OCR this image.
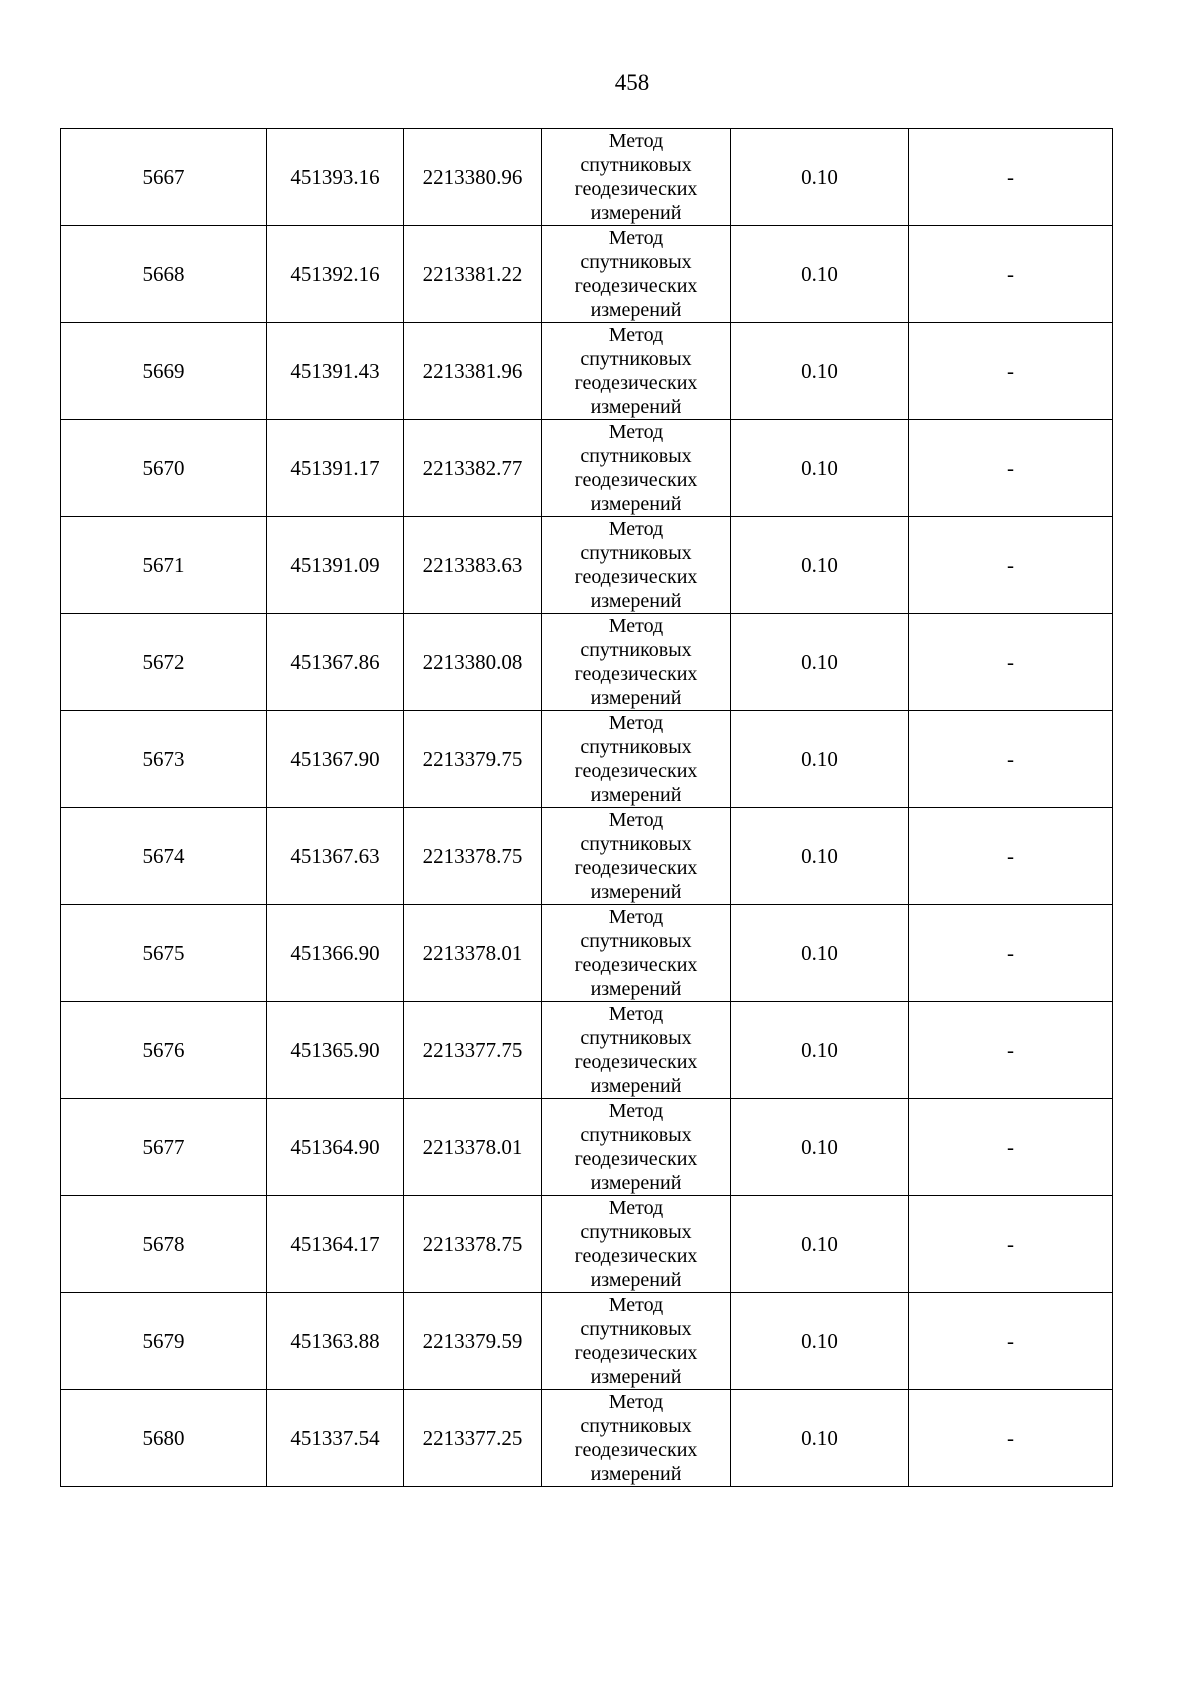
458
5667	451393.16	2213380.96	Метод
спутниковых
геодезических
измерений	0.10	-
5668	451392.16	2213381.22	Метод
спутниковых
геодезических
измерений	0.10	-
5669	451391.43	2213381.96	Метод
спутниковых
геодезических
измерений	0.10	-
5670	451391.17	2213382.77	Метод
спутниковых
геодезических
измерений	0.10	-
5671	451391.09	2213383.63	Метод
спутниковых
геодезических
измерений	0.10	-
5672	451367.86	2213380.08	Метод
спутниковых
геодезических
измерений	0.10	-
5673	451367.90	2213379.75	Метод
спутниковых
геодезических
измерений	0.10	-
5674	451367.63	2213378.75	Метод
спутниковых
геодезических
измерений	0.10	-
5675	451366.90	2213378.01	Метод
спутниковых
геодезических
измерений	0.10	-
5676	451365.90	2213377.75	Метод
спутниковых
геодезических
измерений	0.10	-
5677	451364.90	2213378.01	Метод
спутниковых
геодезических
измерений	0.10	-
5678	451364.17	2213378.75	Метод
спутниковых
геодезических
измерений	0.10	-
5679	451363.88	2213379.59	Метод
спутниковых
геодезических
измерений	0.10	-
5680	451337.54	2213377.25	Метод
спутниковых
геодезических
измерений	0.10	-
